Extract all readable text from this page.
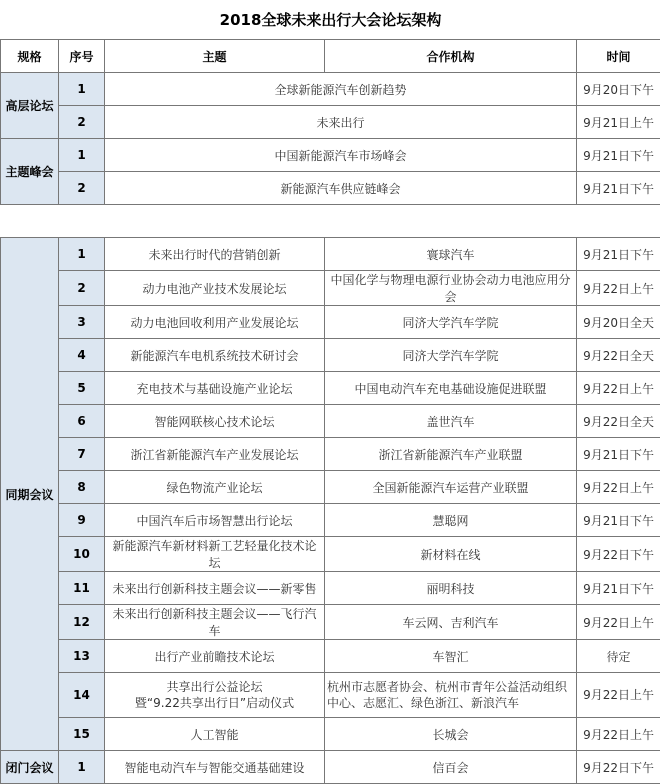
2018全球未来出行大会论坛架构				
规格	序号	主题	合作机构	时间
高层论坛	1	全球新能源汽车创新趋势		9月20日下午
	2	未来出行		9月21日上午
主题峰会	1	中国新能源汽车市场峰会		9月21日下午
	2	新能源汽车供应链峰会		9月21日下午

同期会议	1	未来出行时代的营销创新	寰球汽车	9月21日下午
	2	动力电池产业技术发展论坛	中国化学与物理电源行业协会动力电池应用分会	9月22日上午
	3	动力电池回收利用产业发展论坛	同济大学汽车学院	9月20日全天
	4	新能源汽车电机系统技术研讨会	同济大学汽车学院	9月22日全天
	5	充电技术与基础设施产业论坛	中国电动汽车充电基础设施促进联盟	9月22日上午
	6	智能网联核心技术论坛	盖世汽车	9月22日全天
	7	浙江省新能源汽车产业发展论坛	浙江省新能源汽车产业联盟	9月21日下午
	8	绿色物流产业论坛	全国新能源汽车运营产业联盟	9月22日上午
	9	中国汽车后市场智慧出行论坛	慧聪网	9月21日下午
	10	新能源汽车新材料新工艺轻量化技术论坛	新材料在线	9月22日下午
	11	未来出行创新科技主题会议——新零售	丽明科技	9月21日下午
	12	未来出行创新科技主题会议——飞行汽车	车云网、吉利汽车	9月22日上午
	13	出行产业前瞻技术论坛	车智汇	待定
	14	共享出行公益论坛
暨“9.22共享出行日”启动仪式	杭州市志愿者协会、杭州市青年公益活动组织中心、志愿汇、绿色浙江、新浪汽车	9月22日上午
	15	人工智能	长城会	9月22日上午
闭门会议	1	智能电动汽车与智能交通基础建设	信百会	9月22日下午
